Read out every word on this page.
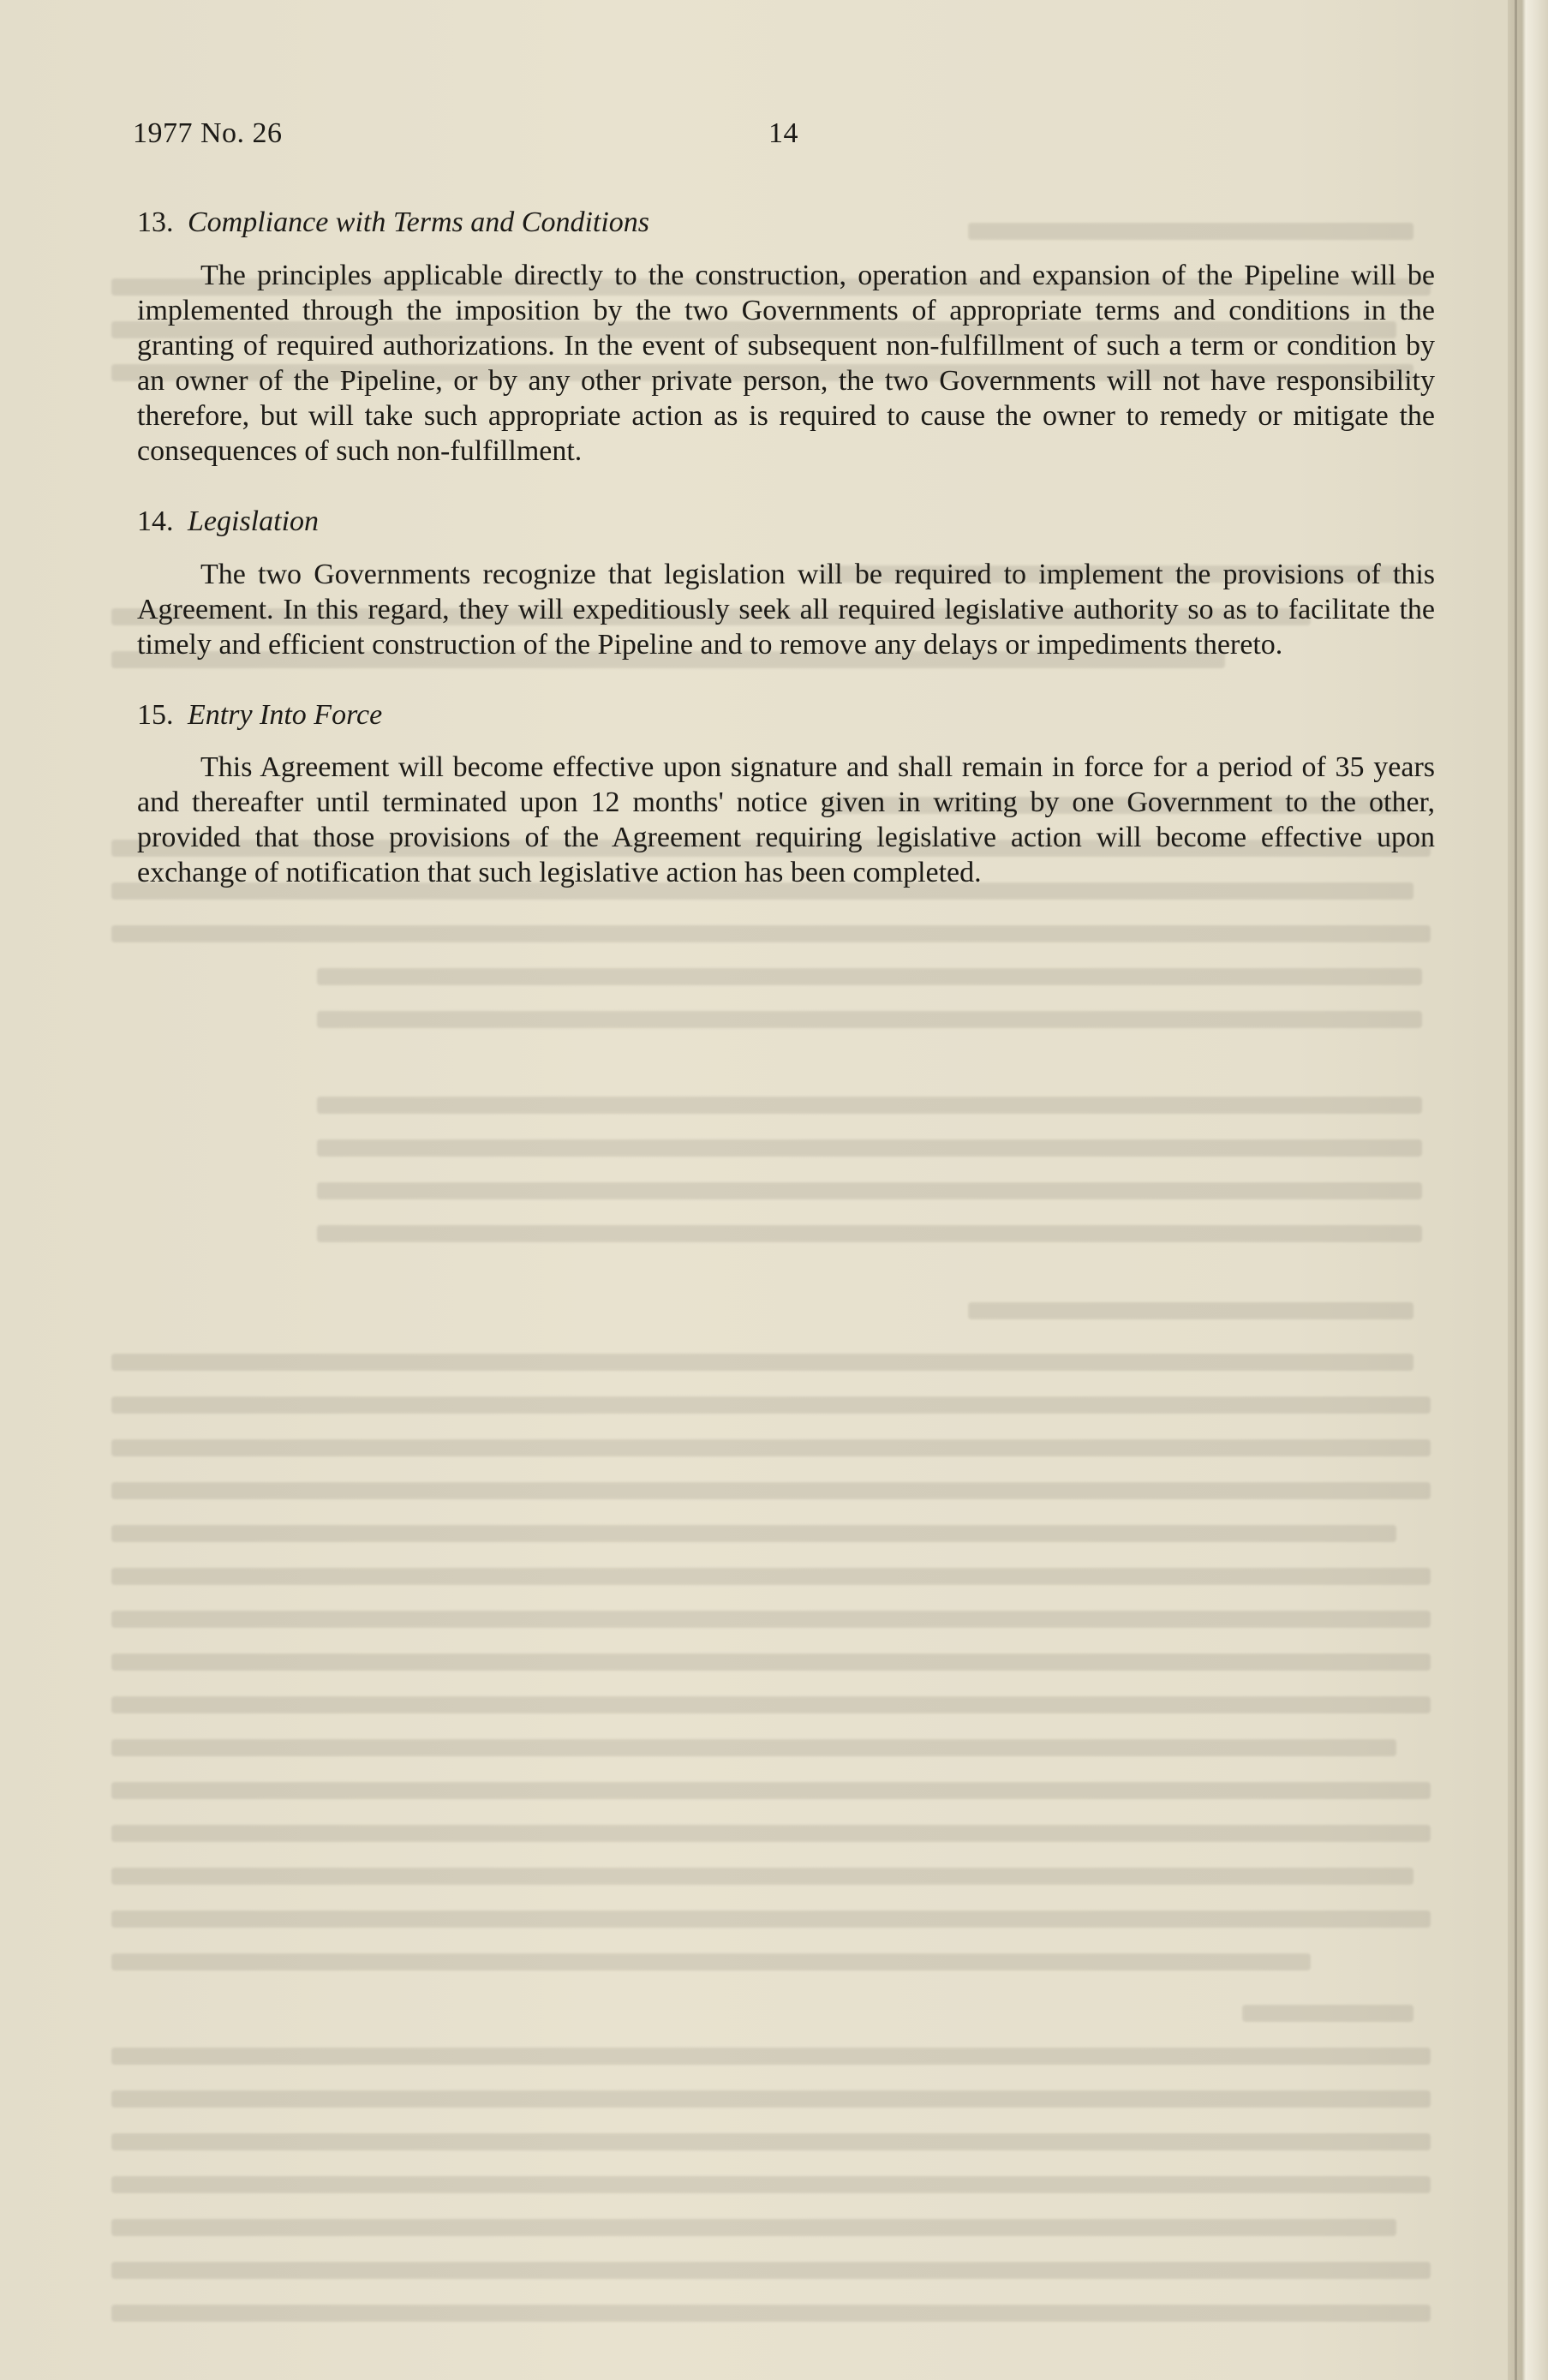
1977 No. 26	14

13. Compliance with Terms and Conditions

The principles applicable directly to the construction, operation and expansion of the Pipeline will be implemented through the imposition by the two Governments of appropriate terms and conditions in the granting of required authorizations. In the event of subsequent non-fulfillment of such a term or condition by an owner of the Pipeline, or by any other private person, the two Governments will not have responsibility therefore, but will take such appropriate action as is required to cause the owner to remedy or mitigate the consequences of such non-fulfillment.

14. Legislation

The two Governments recognize that legislation will be required to implement the provisions of this Agreement. In this regard, they will expeditiously seek all required legislative authority so as to facilitate the timely and efficient construction of the Pipeline and to remove any delays or impediments thereto.

15. Entry Into Force

This Agreement will become effective upon signature and shall remain in force for a period of 35 years and thereafter until terminated upon 12 months' notice given in writing by one Government to the other, provided that those provisions of the Agreement requiring legislative action will become effective upon exchange of notification that such legislative action has been completed.
